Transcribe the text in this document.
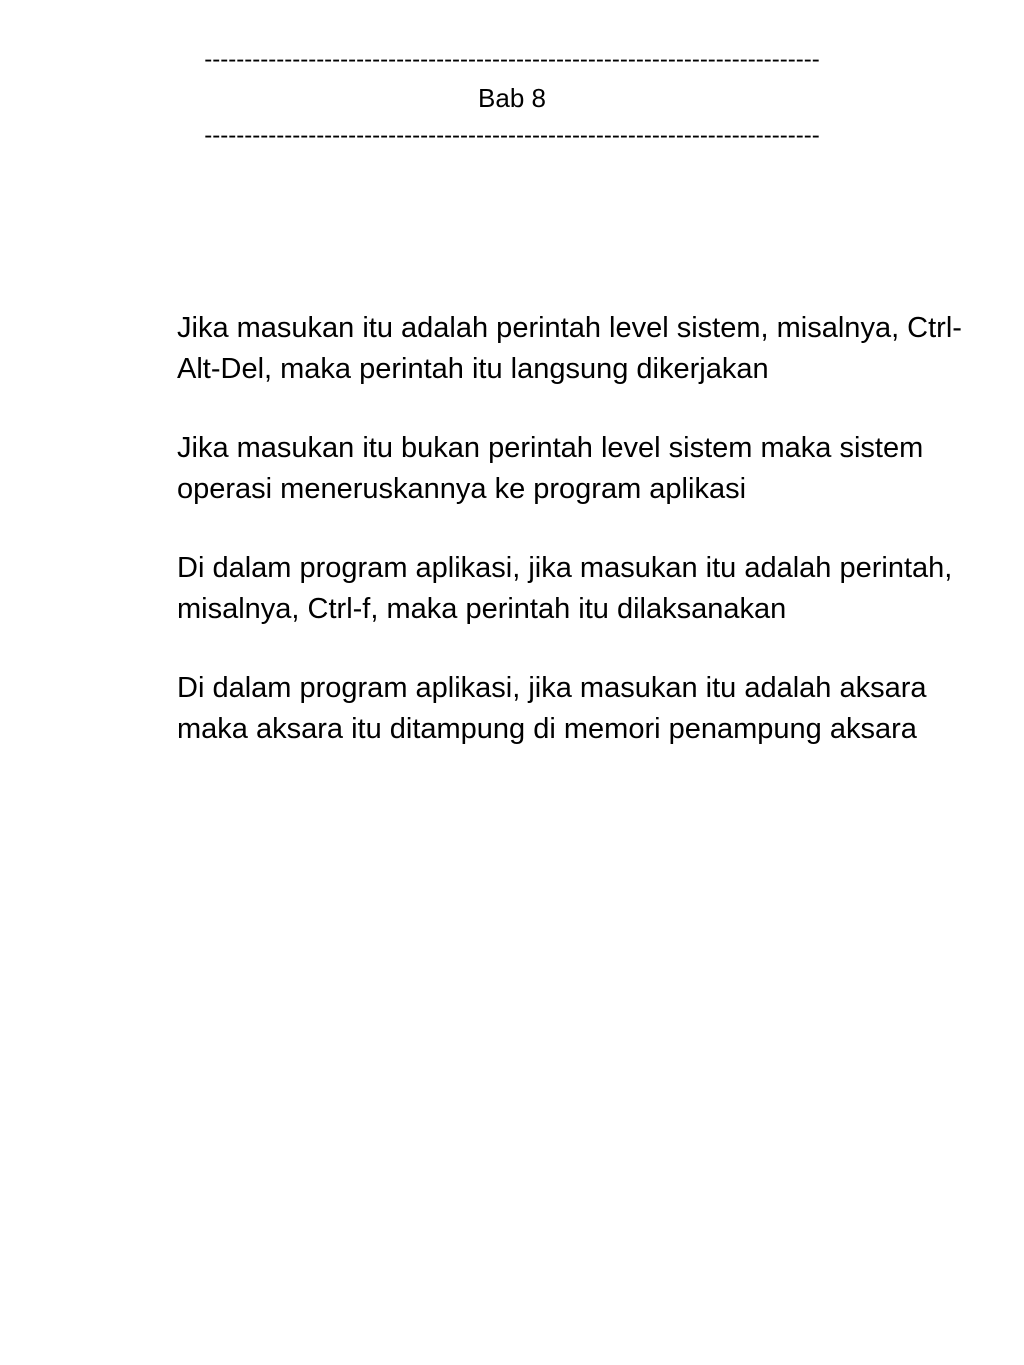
-----------------------------------------------------------------------------
Bab 8
-----------------------------------------------------------------------------

Jika masukan itu adalah perintah level sistem, misalnya, Ctrl-Alt-Del, maka perintah itu langsung dikerjakan

Jika masukan itu bukan perintah level sistem maka sistem operasi meneruskannya ke program aplikasi

Di dalam program aplikasi, jika masukan itu adalah perintah, misalnya, Ctrl-f, maka perintah itu dilaksanakan

Di dalam program aplikasi, jika masukan itu adalah aksara maka aksara itu ditampung di memori penampung aksara
